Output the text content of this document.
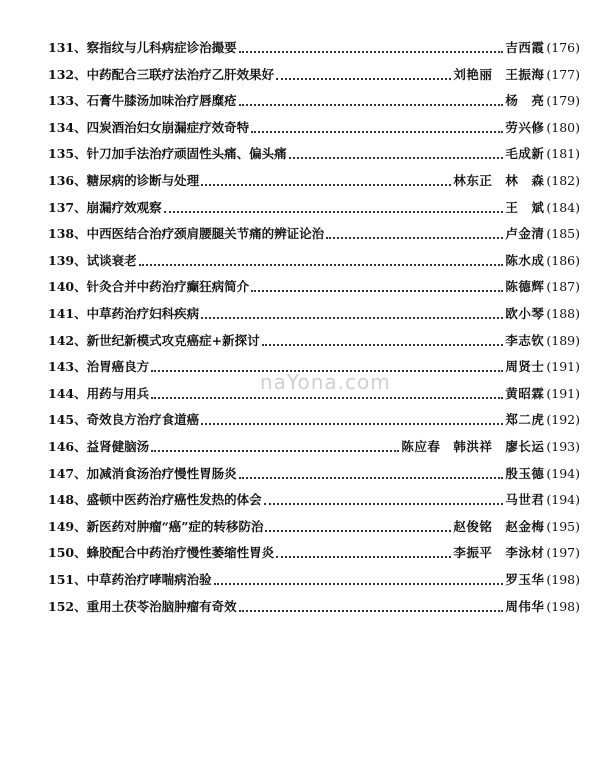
131、 察指纹与儿科病症诊治撮要	吉西霞 (176)
132、 中药配合三联疗法治疗乙肝效果好	刘艳丽　王振海 (177)
133、 石膏牛膝汤加味治疗唇糜疮	杨　亮 (179)
134、 四炭酒治妇女崩漏症疗效奇特	劳兴修 (180)
135、 针刀加手法治疗顽固性头痛、偏头痛	毛成新 (181)
136、 糖尿病的诊断与处理	林东正　林　森 (182)
137、 崩漏疗效观察	王　斌 (184)
138、 中西医结合治疗颈肩腰腿关节痛的辨证论治	卢金清 (185)
139、 试谈衰老	陈水成 (186)
140、 针灸合并中药治疗癫狂病简介	陈德辉 (187)
141、 中草药治疗妇科疾病	欧小琴 (188)
142、 新世纪新模式攻克癌症+新探讨	李志钦 (189)
143、 治胃癌良方	周贤士 (191)
144、 用药与用兵	黄昭霖 (191)
145、 奇效良方治疗食道癌	郑二虎 (192)
146、 益肾健脑汤	陈应春　韩洪祥　廖长运 (193)
147、 加减消食汤治疗慢性胃肠炎	殷玉德 (194)
148、 盛顿中医药治疗癌性发热的体会	马世君 (194)
149、 新医药对肿瘤“癌”症的转移防治	赵俊铭　赵金梅 (195)
150、 蜂胶配合中药治疗慢性萎缩性胃炎	李振平　李泳材 (197)
151、 中草药治疗哮喘病治验	罗玉华 (198)
152、 重用土茯苓治脑肿瘤有奇效	周伟华 (198)
naYona.com
